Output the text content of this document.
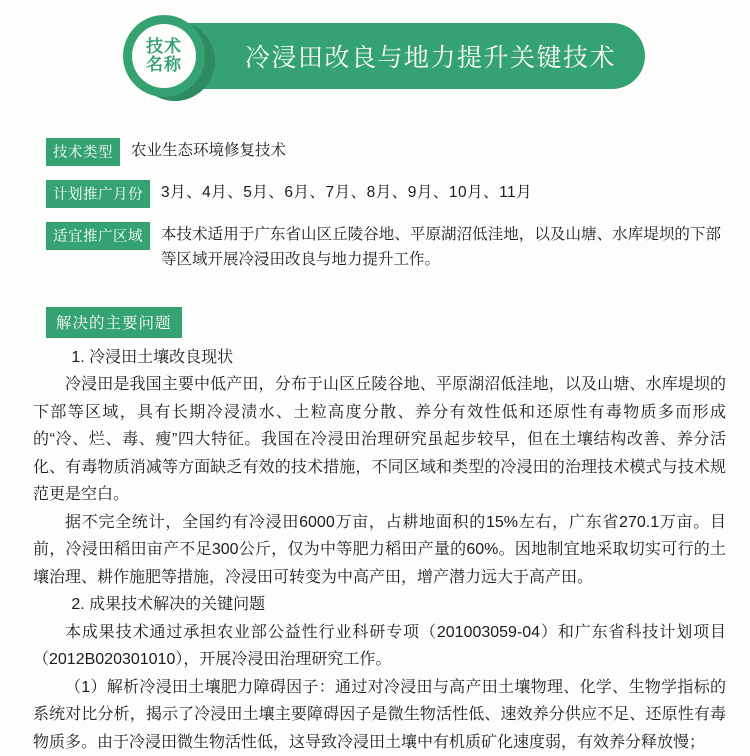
冷浸田改良与地力提升关键技术
技术
名称
技术类型	农业生态环境修复技术
计划推广月份	3月、4月、5月、6月、7月、8月、9月、10月、11月
适宜推广区域	本技术适用于广东省山区丘陵谷地、平原湖沼低洼地，以及山塘、水库堤坝的下部等区域开展冷浸田改良与地力提升工作。
解决的主要问题

1. 冷浸田土壤改良现状

冷浸田是我国主要中低产田，分布于山区丘陵谷地、平原湖沼低洼地，以及山塘、水库堤坝的下部等区域，具有长期冷浸渍水、土粒高度分散、养分有效性低和还原性有毒物质多而形成的“冷、烂、毒、瘦”四大特征。我国在冷浸田治理研究虽起步较早，但在土壤结构改善、养分活化、有毒物质消减等方面缺乏有效的技术措施，不同区域和类型的冷浸田的治理技术模式与技术规范更是空白。

据不完全统计，全国约有冷浸田6000万亩，占耕地面积的15%左右，广东省270.1万亩。目前，冷浸田稻田亩产不足300公斤，仅为中等肥力稻田产量的60%。因地制宜地采取切实可行的土壤治理、耕作施肥等措施，冷浸田可转变为中高产田，增产潜力远大于高产田。

2. 成果技术解决的关键问题

本成果技术通过承担农业部公益性行业科研专项（201003059-04）和广东省科技计划项目（2012B020301010），开展冷浸田治理研究工作。

（1）解析冷浸田土壤肥力障碍因子：通过对冷浸田与高产田土壤物理、化学、生物学指标的系统对比分析，揭示了冷浸田土壤主要障碍因子是微生物活性低、速效养分供应不足、还原性有毒物质多。由于冷浸田微生物活性低，这导致冷浸田土壤中有机质矿化速度弱，有效养分释放慢；
